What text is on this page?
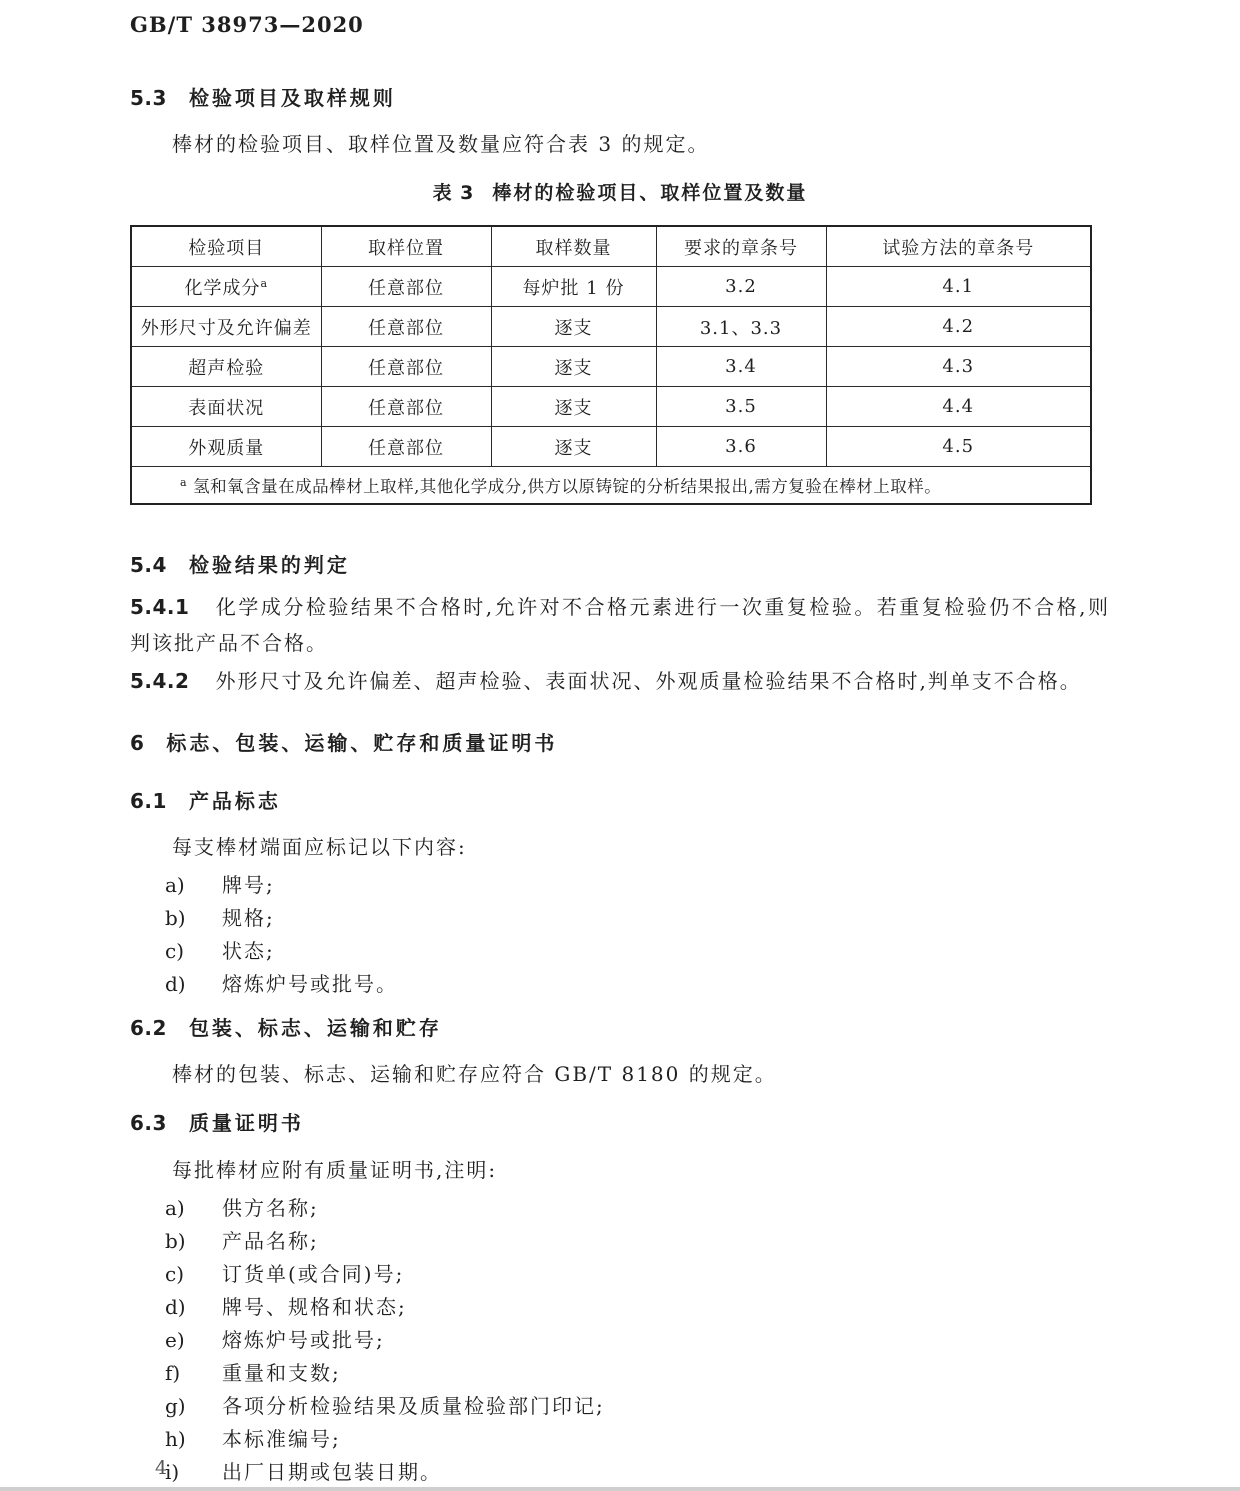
GB/T 38973—2020
5.3 检验项目及取样规则

棒材的检验项目、取样位置及数量应符合表 3 的规定。

表 3 棒材的检验项目、取样位置及数量
检验项目	取样位置	取样数量	要求的章条号	试验方法的章条号
化学成分$^a$	任意部位	每炉批 1 份	3.2	4.1
外形尺寸及允许偏差	任意部位	逐支	3.1、3.3	4.2
超声检验	任意部位	逐支	3.4	4.3
表面状况	任意部位	逐支	3.5	4.4
外观质量	任意部位	逐支	3.6	4.5
$^a$ 氢和氧含量在成品棒材上取样,其他化学成分,供方以原铸锭的分析结果报出,需方复验在棒材上取样。				
5.4 检验结果的判定

5.4.1 化学成分检验结果不合格时,允许对不合格元素进行一次重复检验。若重复检验仍不合格,则判该批产品不合格。

5.4.2 外形尺寸及允许偏差、超声检验、表面状况、外观质量检验结果不合格时,判单支不合格。

6 标志、包装、运输、贮存和质量证明书
6.1 产品标志

每支棒材端面应标记以下内容:

a)	牌号;
b)	规格;
c)	状态;
d)	熔炼炉号或批号。
6.2 包装、标志、运输和贮存

棒材的包装、标志、运输和贮存应符合 GB/T 8180 的规定。

6.3 质量证明书

每批棒材应附有质量证明书,注明:

a)	供方名称;
b)	产品名称;
c)	订货单(或合同)号;
d)	牌号、规格和状态;
e)	熔炼炉号或批号;
f)	重量和支数;
g)	各项分析检验结果及质量检验部门印记;
h)	本标准编号;
i)	出厂日期或包装日期。
4
